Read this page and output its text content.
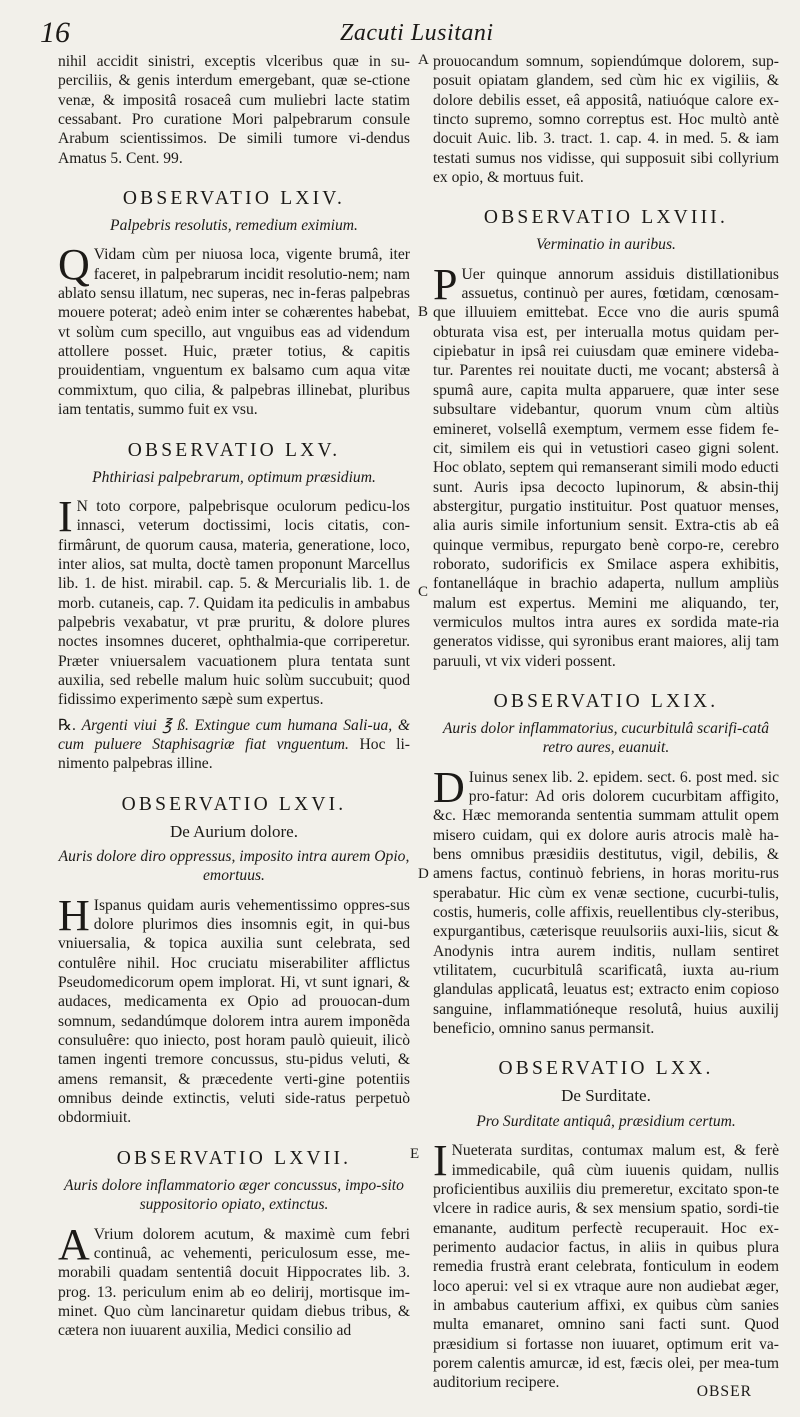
16	Zacuti Lusitani
A
B
C
D
E

nihil accidit sinistri, exceptis vlceribus quæ in su-perciliis, & genis interdum emergebant, quæ se-ctione venæ, & impositâ rosaceâ cum muliebri lacte statim cessabant. Pro curatione Mori palpebrarum consule Arabum scientissimos. De simili tumore vi-dendus Amatus 5. Cent. 99.

OBSERVATIO LXIV.
Palpebris resolutis, remedium eximium.

Q Vidam cùm per niuosa loca, vigente brumâ, iter faceret, in palpebrarum incidit resolutio-nem; nam ablato sensu illatum, nec superas, nec in-feras palpebras mouere poterat; adeò enim inter se cohærentes habebat, vt solùm cum specillo, aut vnguibus eas ad videndum attollere posset. Huic, præter totius, & capitis prouidentiam, vnguentum ex balsamo cum aqua vitæ commixtum, quo cilia, & palpebras illinebat, pluribus iam tentatis, summo fuit ex vsu.

OBSERVATIO LXV.
Phthiriasi palpebrarum, optimum præsidium.

I N toto corpore, palpebrisque oculorum pedicu-los innasci, veterum doctissimi, locis citatis, con-firmârunt, de quorum causa, materia, generatione, loco, inter alios, sat multa, doctè tamen proponunt Marcellus lib. 1. de hist. mirabil. cap. 5. & Mercurialis lib. 1. de morb. cutaneis, cap. 7. Quidam ita pediculis in ambabus palpebris vexabatur, vt præ pruritu, & dolore plures noctes insomnes duceret, ophthalmia-que corriperetur. Præter vniuersalem vacuationem plura tentata sunt auxilia, sed rebelle malum huic solùm succubuit; quod fidissimo experimento sæpè sum expertus.

℞. Argenti viui ℥ ß. Extingue cum humana Sali-ua, & cum puluere Staphisagriæ fiat vnguentum. Hoc li-nimento palpebras illine.

OBSERVATIO LXVI.
De Aurium dolore.
Auris dolore diro oppressus, imposito intra aurem Opio, emortuus.

H Ispanus quidam auris vehementissimo oppres-sus dolore plurimos dies insomnis egit, in qui-bus vniuersalia, & topica auxilia sunt celebrata, sed contulêre nihil. Hoc cruciatu miserabiliter afflictus Pseudomedicorum opem implorat. Hi, vt sunt ignari, & audaces, medicamenta ex Opio ad prouocan-dum somnum, sedandúmque dolorem intra aurem imponẽda consuluêre: quo iniecto, post horam paulò quieuit, ilicò tamen ingenti tremore concussus, stu-pidus veluti, & amens remansit, & præcedente verti-gine potentiis omnibus deinde extinctis, veluti side-ratus perpetuò obdormiuit.

OBSERVATIO LXVII.
Auris dolore inflammatorio æger concussus, impo-sito suppositorio opiato, extinctus.

A Vrium dolorem acutum, & maximè cum febri continuâ, ac vehementi, periculosum esse, me-morabili quadam sententiâ docuit Hippocrates lib. 3. prog. 13. periculum enim ab eo delirij, mortisque im-minet. Quo cùm lancinaretur quidam diebus tribus, & cætera non iuuarent auxilia, Medici consilio ad

prouocandum somnum, sopiendúmque dolorem, sup-posuit opiatam glandem, sed cùm hic ex vigiliis, & dolore debilis esset, eâ appositâ, natiuóque calore ex-tincto supremo, somno correptus est. Hoc multò antè docuit Auic. lib. 3. tract. 1. cap. 4. in med. 5. & iam testati sumus nos vidisse, qui supposuit sibi collyrium ex opio, & mortuus fuit.

OBSERVATIO LXVIII.
Verminatio in auribus.

P Uer quinque annorum assiduis distillationibus assuetus, continuò per aures, fœtidam, cœnosam-que illuuiem emittebat. Ecce vno die auris spumâ obturata visa est, per interualla motus quidam per-cipiebatur in ipsâ rei cuiusdam quæ eminere videba-tur. Parentes rei nouitate ducti, me vocant; abstersâ à spumâ aure, capita multa apparuere, quæ inter sese subsultare videbantur, quorum vnum cùm altiùs emineret, volsellâ exemptum, vermem esse fidem fe-cit, similem eis qui in vetustiori caseo gigni solent. Hoc oblato, septem qui remanserant simili modo educti sunt. Auris ipsa decocto lupinorum, & absin-thij abstergitur, purgatio instituitur. Post quatuor menses, alia auris simile infortunium sensit. Extra-ctis ab eâ quinque vermibus, repurgato benè corpo-re, cerebro roborato, sudorificis ex Smilace aspera exhibitis, fontanelláque in brachio adaperta, nullum ampliùs malum est expertus. Memini me aliquando, ter, vermiculos multos intra aures ex sordida mate-ria generatos vidisse, qui syronibus erant maiores, alij tam paruuli, vt vix videri possent.

OBSERVATIO LXIX.
Auris dolor inflammatorius, cucurbitulâ scarifi-catâ retro aures, euanuit.

D Iuinus senex lib. 2. epidem. sect. 6. post med. sic pro-fatur: Ad oris dolorem cucurbitam affigito, &c. Hæc memoranda sententia summam attulit opem misero cuidam, qui ex dolore auris atrocis malè ha-bens omnibus præsidiis destitutus, vigil, debilis, & amens factus, continuò febriens, in horas moritu-rus sperabatur. Hic cùm ex venæ sectione, cucurbi-tulis, costis, humeris, colle affixis, reuellentibus cly-steribus, expurgantibus, cæterisque reuulsoriis auxi-liis, sicut & Anodynis intra aurem inditis, nullam sentiret vtilitatem, cucurbitulâ scarificatâ, iuxta au-rium glandulas applicatâ, leuatus est; extracto enim copioso sanguine, inflammatióneque resolutâ, huius auxilij beneficio, omnino sanus permansit.

OBSERVATIO LXX.
De Surditate.
Pro Surditate antiquâ, præsidium certum.

I Nueterata surditas, contumax malum est, & ferè immedicabile, quâ cùm iuuenis quidam, nullis proficientibus auxiliis diu premeretur, excitato spon-te vlcere in radice auris, & sex mensium spatio, sordi-tie emanante, auditum perfectè recuperauit. Hoc ex-perimento audacior factus, in aliis in quibus plura remedia frustrà erant celebrata, fonticulum in eodem loco aperui: vel si ex vtraque aure non audiebat æger, in ambabus cauterium affixi, ex quibus cùm sanies multa emanaret, omnino sani facti sunt. Quod præsidium si fortasse non iuuaret, optimum erit va-porem calentis amurcæ, id est, fæcis olei, per mea-tum auditorium recipere.

OBSER
